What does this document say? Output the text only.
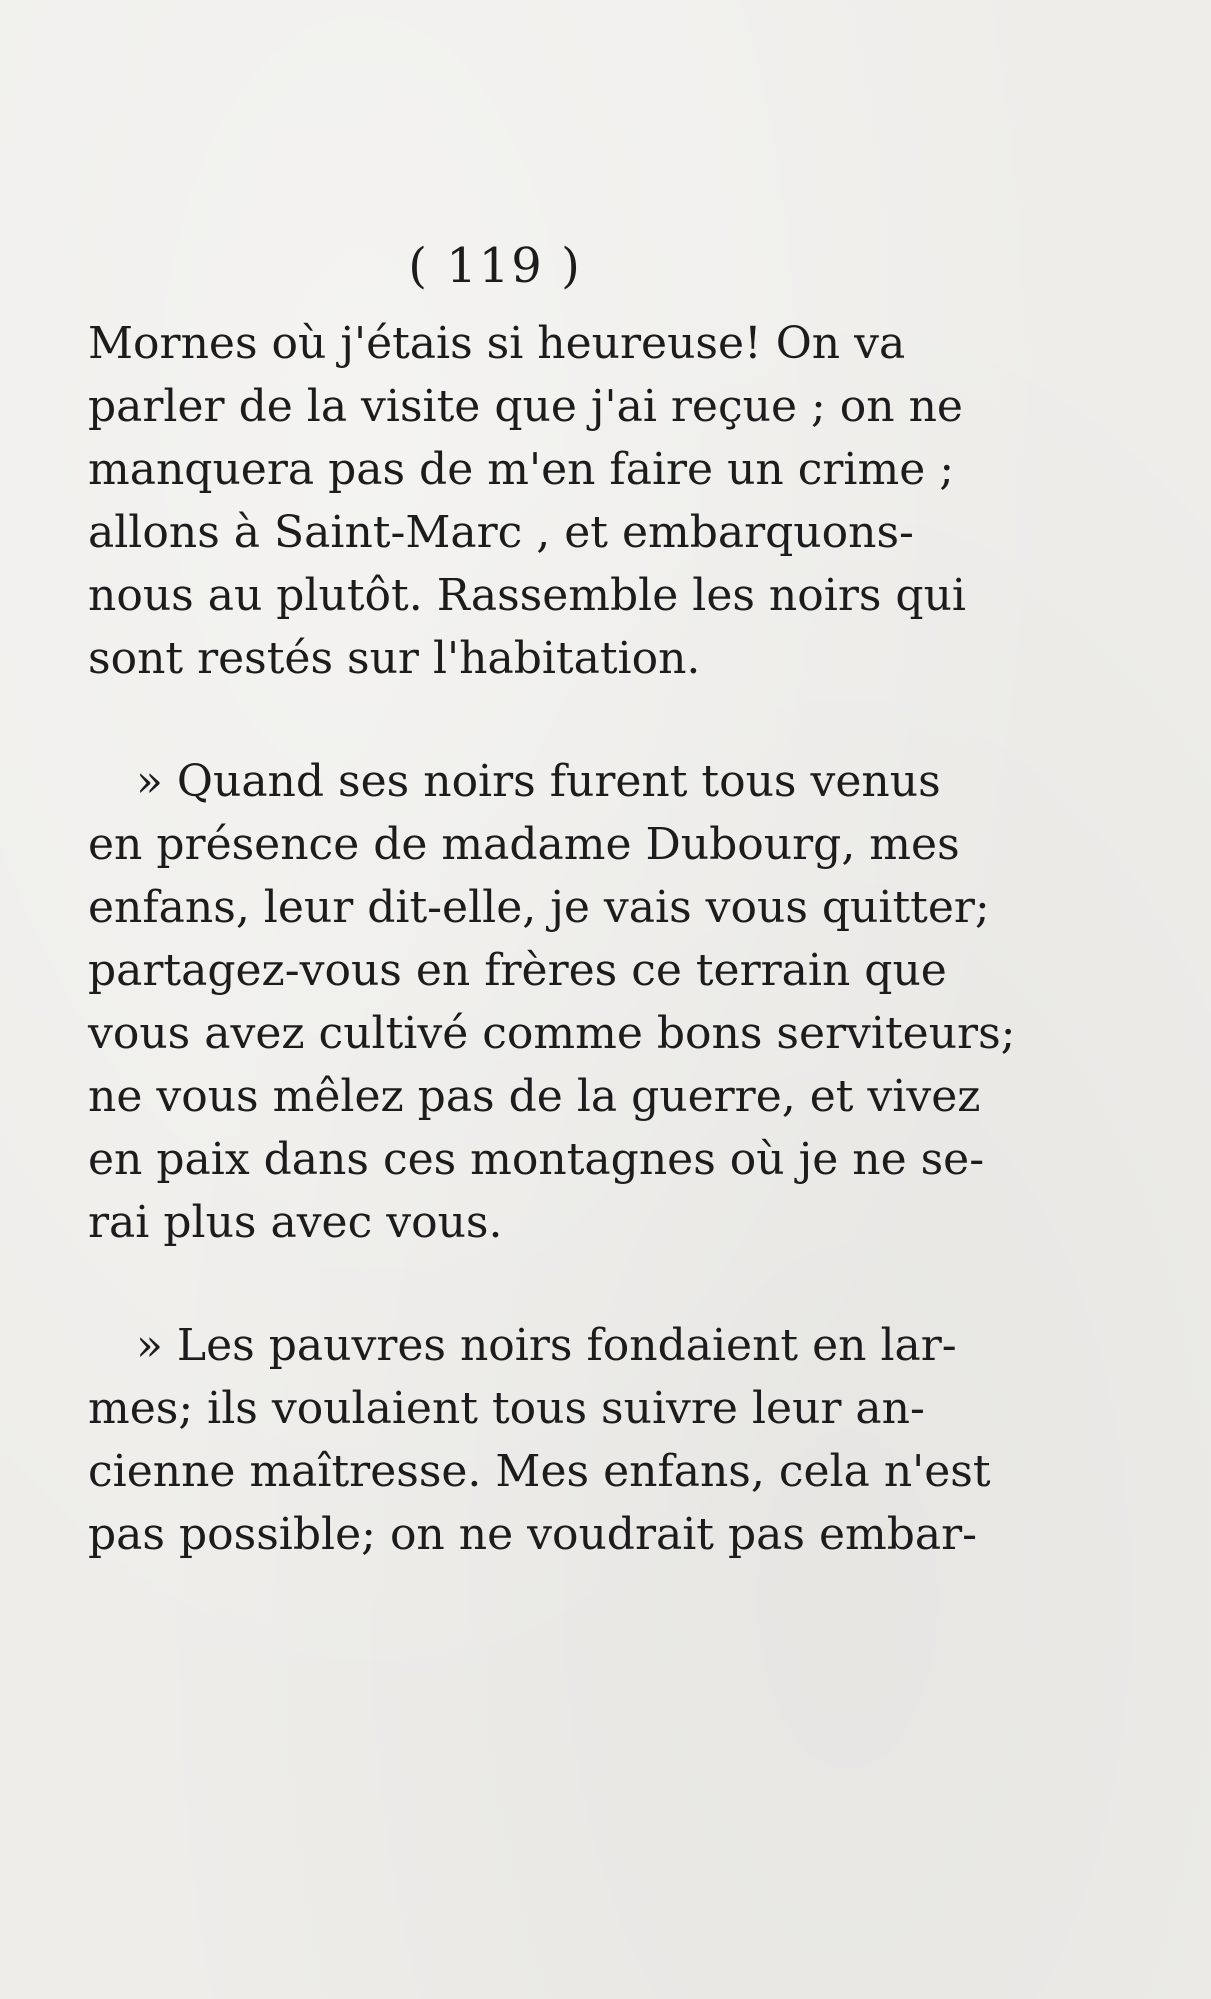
( 119 )

Mornes où j'étais si heureuse! On va
parler de la visite que j'ai reçue ; on ne
manquera pas de m'en faire un crime ;
allons à Saint-Marc , et embarquons-
nous au plutôt. Rassemble les noirs qui
sont restés sur l'habitation.

» Quand ses noirs furent tous venus
en présence de madame Dubourg, mes
enfans, leur dit-elle, je vais vous quitter;
partagez-vous en frères ce terrain que
vous avez cultivé comme bons serviteurs;
ne vous mêlez pas de la guerre, et vivez
en paix dans ces montagnes où je ne se-
rai plus avec vous.

» Les pauvres noirs fondaient en lar-
mes; ils voulaient tous suivre leur an-
cienne maîtresse. Mes enfans, cela n'est
pas possible; on ne voudrait pas embar-
